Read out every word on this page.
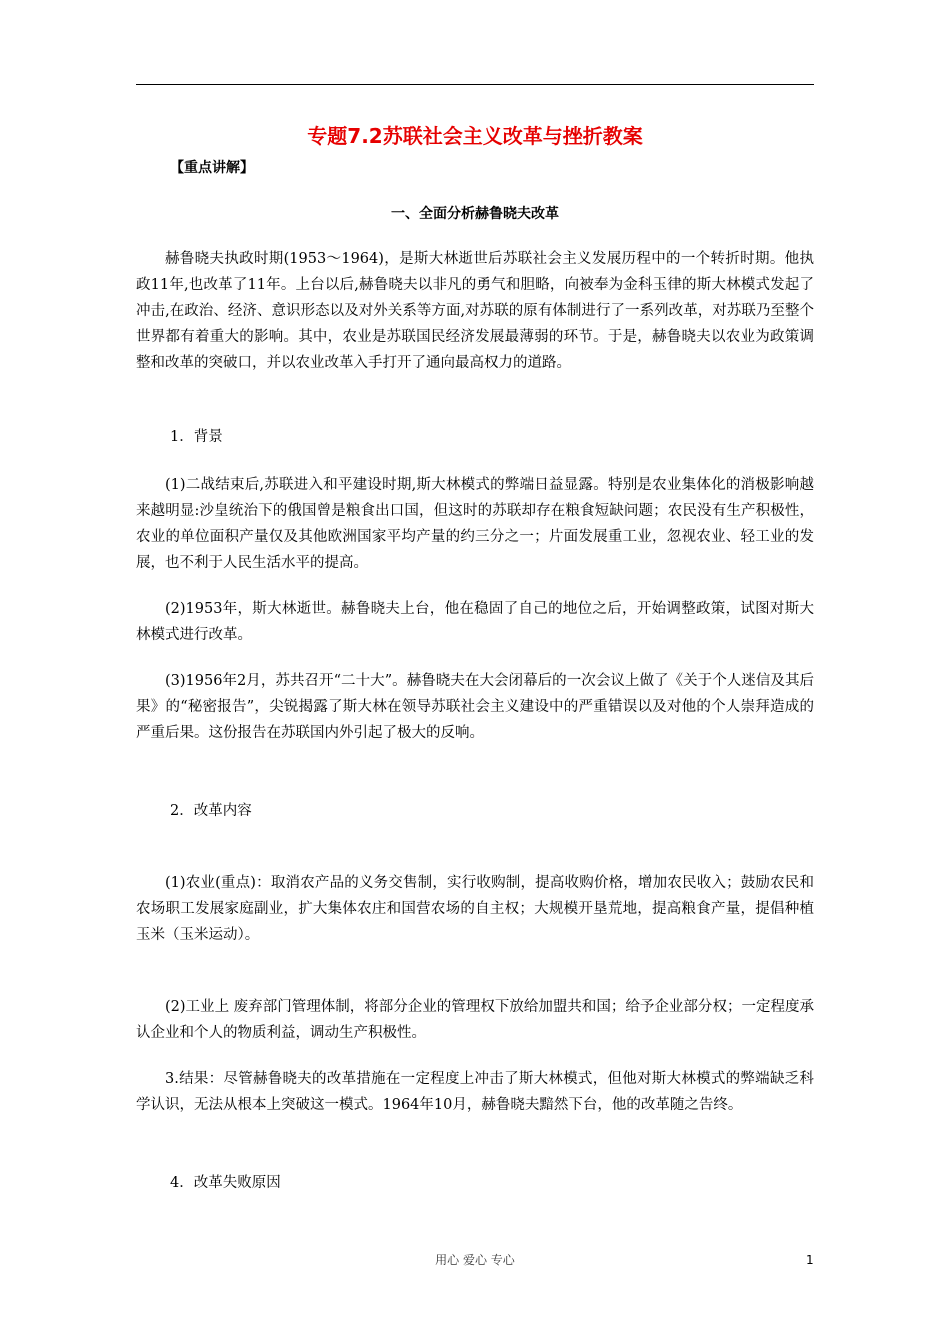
专题7.2苏联社会主义改革与挫折教案
【重点讲解】
一、全面分析赫鲁晓夫改革

赫鲁晓夫执政时期(1953～1964)，是斯大林逝世后苏联社会主义发展历程中的一个转折时期。他执政11年,也改革了11年。上台以后,赫鲁晓夫以非凡的勇气和胆略，向被奉为金科玉律的斯大林模式发起了冲击,在政治、经济、意识形态以及对外关系等方面,对苏联的原有体制进行了一系列改革，对苏联乃至整个世界都有着重大的影响。其中，农业是苏联国民经济发展最薄弱的环节。于是，赫鲁晓夫以农业为政策调整和改革的突破口，并以农业改革入手打开了通向最高权力的道路。

1．背景

(1)二战结束后,苏联进入和平建设时期,斯大林模式的弊端日益显露。特别是农业集体化的消极影响越来越明显:沙皇统治下的俄国曾是粮食出口国，但这时的苏联却存在粮食短缺问题；农民没有生产积极性，农业的单位面积产量仅及其他欧洲国家平均产量的约三分之一；片面发展重工业，忽视农业、轻工业的发展，也不利于人民生活水平的提高。

(2)1953年，斯大林逝世。赫鲁晓夫上台，他在稳固了自己的地位之后，开始调整政策，试图对斯大林模式进行改革。

(3)1956年2月，苏共召开“二十大”。赫鲁晓夫在大会闭幕后的一次会议上做了《关于个人迷信及其后果》的“秘密报告”，尖锐揭露了斯大林在领导苏联社会主义建设中的严重错误以及对他的个人崇拜造成的严重后果。这份报告在苏联国内外引起了极大的反响。

2．改革内容

(1)农业(重点)：取消农产品的义务交售制，实行收购制，提高收购价格，增加农民收入；鼓励农民和农场职工发展家庭副业，扩大集体农庄和国营农场的自主权；大规模开垦荒地，提高粮食产量，提倡种植玉米（玉米运动）。

(2)工业上 废弃部门管理体制，将部分企业的管理权下放给加盟共和国；给予企业部分权；一定程度承认企业和个人的物质利益，调动生产积极性。

3.结果：尽管赫鲁晓夫的改革措施在一定程度上冲击了斯大林模式，但他对斯大林模式的弊端缺乏科学认识，无法从根本上突破这一模式。1964年10月，赫鲁晓夫黯然下台，他的改革随之告终。

4．改革失败原因
用心 爱心 专心	1
